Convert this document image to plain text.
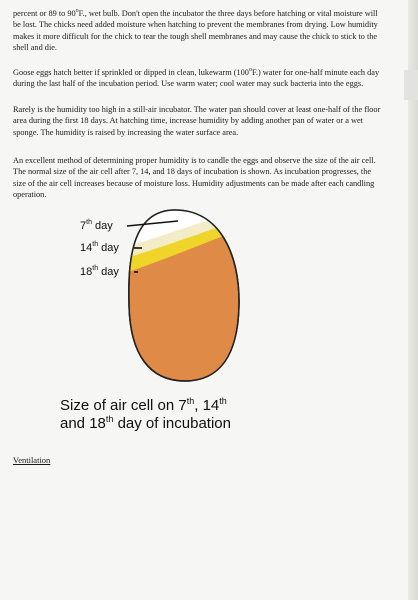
percent or 89 to 90$^o$F., wet bulb. Don't open the incubator the three days before hatching or vital moisture will be lost. The chicks need added moisture when hatching to prevent the membranes from drying. Low humidity makes it more difficult for the chick to tear the tough shell membranes and may cause the chick to stick to the shell and die.

Goose eggs hatch better if sprinkled or dipped in clean, lukewarm (100$^o$F.) water for one-half minute each day during the last half of the incubation period. Use warm water; cool water may suck bacteria into the eggs.

Rarely is the humidity too high in a still-air incubator. The water pan should cover at least one-half of the floor area during the first 18 days. At hatching time, increase humidity by adding another pan of water or a wet sponge. The humidity is raised by increasing the water surface area.

An excellent method of determining proper humidity is to candle the eggs and observe the size of the air cell. The normal size of the air cell after 7, 14, and 18 days of incubation is shown. As incubation progresses, the size of the air cell increases because of moisture loss. Humidity adjustments can be made after each candling operation.

7th $_{day}$
14th $_{day}$
18th $_{day}$

Size of air cell on 7th, 14th

and 18th day of incubation

Ventilation
